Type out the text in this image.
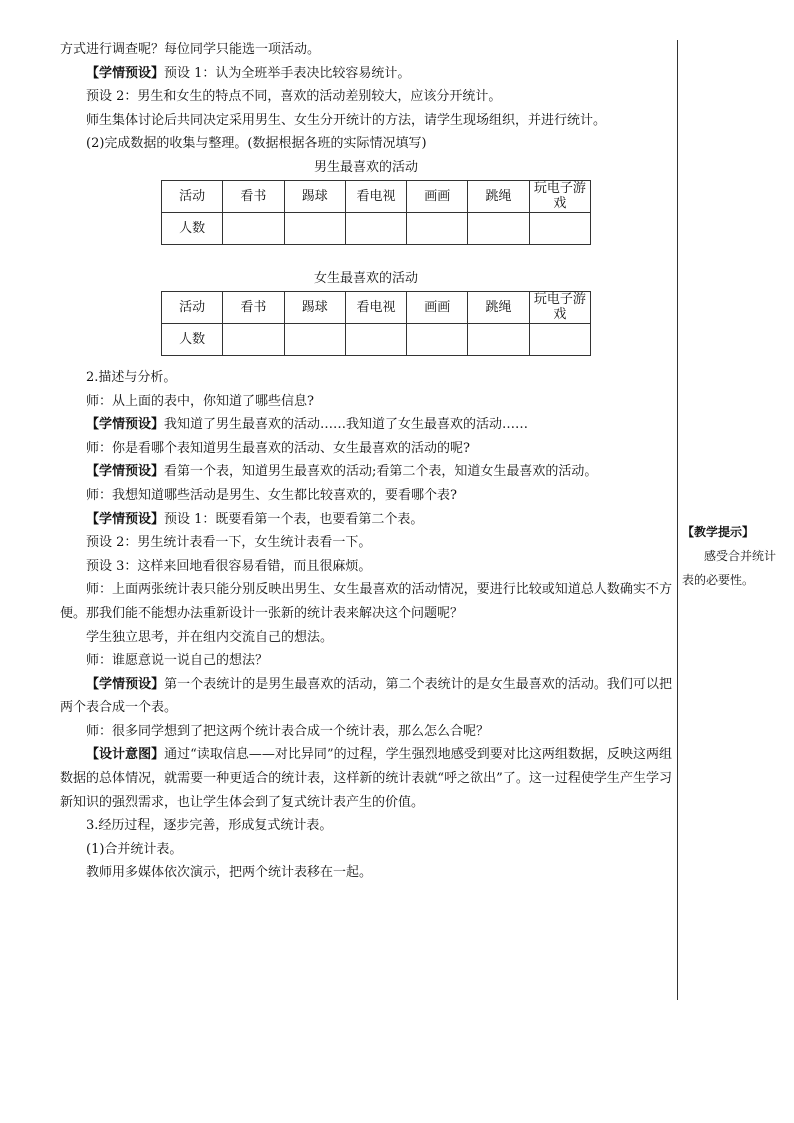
方式进行调查呢？每位同学只能选一项活动。

【学情预设】预设 1：认为全班举手表决比较容易统计。

预设 2：男生和女生的特点不同，喜欢的活动差别较大，应该分开统计。

师生集体讨论后共同决定采用男生、女生分开统计的方法，请学生现场组织，并进行统计。

(2)完成数据的收集与整理。(数据根据各班的实际情况填写)

男生最喜欢的活动

活动	看书	踢球	看电视	画画	跳绳	玩电子游戏
人数						

女生最喜欢的活动

活动	看书	踢球	看电视	画画	跳绳	玩电子游戏
人数						

2.描述与分析。

师：从上面的表中，你知道了哪些信息?

【学情预设】我知道了男生最喜欢的活动……我知道了女生最喜欢的活动……

师：你是看哪个表知道男生最喜欢的活动、女生最喜欢的活动的呢?

【学情预设】看第一个表，知道男生最喜欢的活动;看第二个表，知道女生最喜欢的活动。

师：我想知道哪些活动是男生、女生都比较喜欢的，要看哪个表?

【学情预设】预设 1：既要看第一个表，也要看第二个表。

预设 2：男生统计表看一下，女生统计表看一下。

预设 3：这样来回地看很容易看错，而且很麻烦。

师：上面两张统计表只能分别反映出男生、女生最喜欢的活动情况，要进行比较或知道总人数确实不方便。那我们能不能想办法重新设计一张新的统计表来解决这个问题呢？

学生独立思考，并在组内交流自己的想法。

师：谁愿意说一说自己的想法？

【学情预设】第一个表统计的是男生最喜欢的活动，第二个表统计的是女生最喜欢的活动。我们可以把两个表合成一个表。

师：很多同学想到了把这两个统计表合成一个统计表，那么怎么合呢？

【设计意图】通过“读取信息——对比异同”的过程，学生强烈地感受到要对比这两组数据，反映这两组数据的总体情况，就需要一种更适合的统计表，这样新的统计表就“呼之欲出”了。这一过程使学生产生学习新知识的强烈需求，也让学生体会到了复式统计表产生的价值。

3.经历过程，逐步完善，形成复式统计表。

(1)合并统计表。

教师用多媒体依次演示，把两个统计表移在一起。

【教学提示】

感受合并统计表的必要性。
